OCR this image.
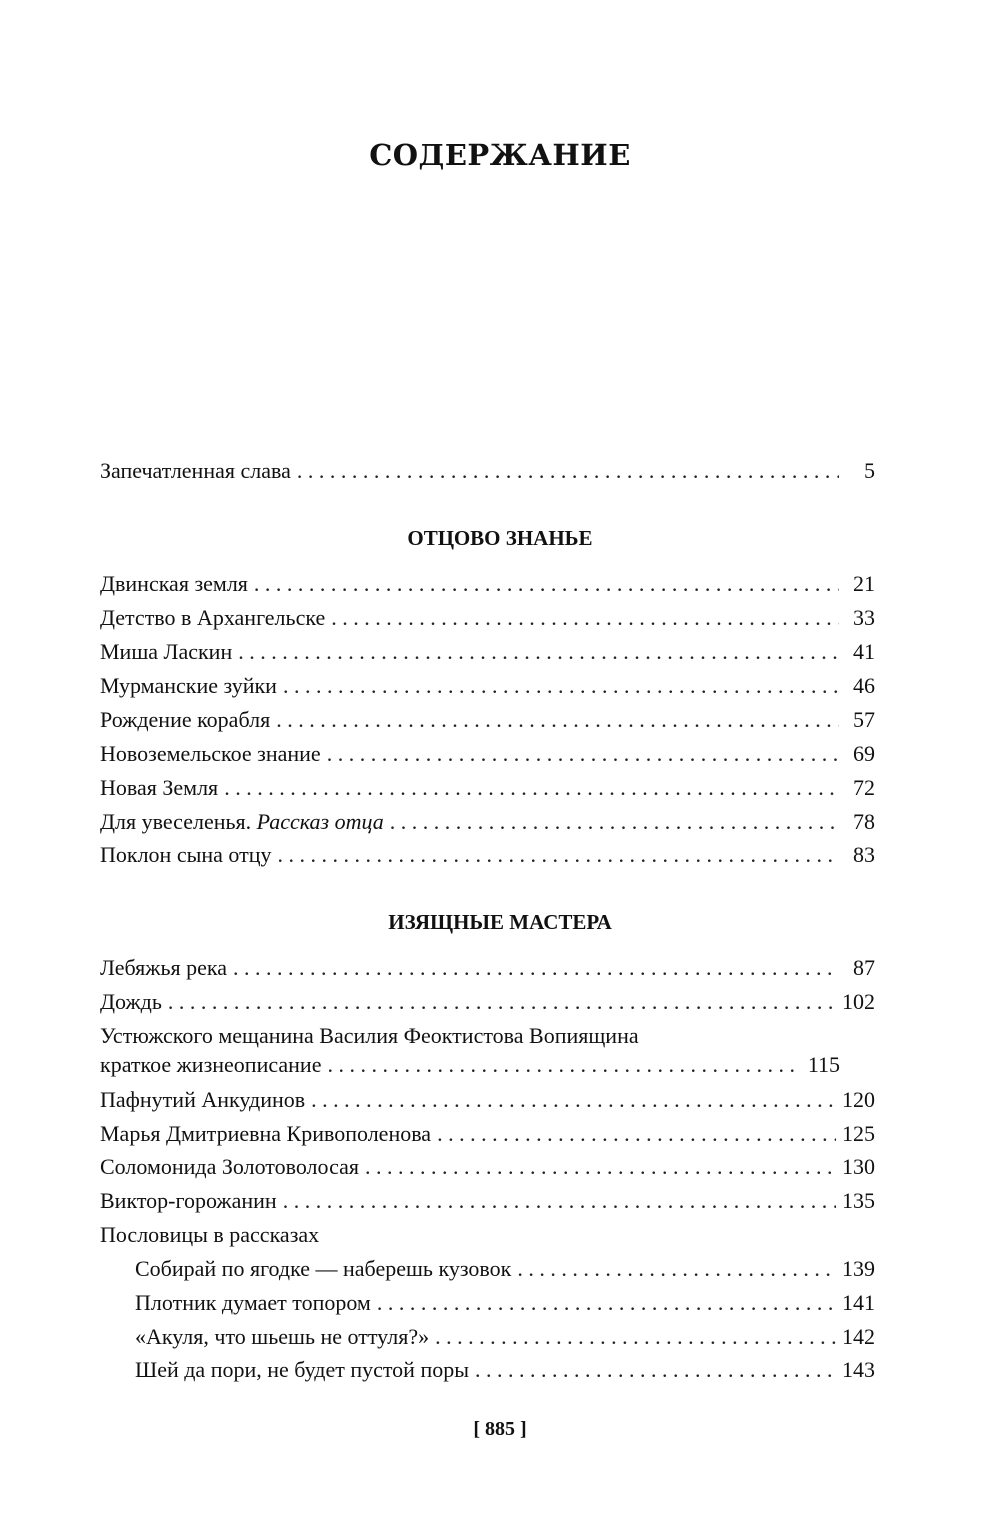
СОДЕРЖАНИЕ
Запечатленная слава . . .	5
Двинская земля . . .	21
Детство в Архангельске . . .	33
Миша Ласкин . . .	41
Мурманские зуйки . . .	46
Рождение корабля . . .	57
Новоземельское знание . . .	69
Новая Земля . . .	72
Для увеселенья. Рассказ отца . . .	78
Поклон сына отцу . . .	83
Лебяжья река . . .	87
Дождь . . .	102
Устюжского мещанина Василия Феоктистова Вопиящина
краткое жизнеописание . . .	115
Пафнутий Анкудинов . . .	120
Марья Дмитриевна Кривополенова . . .	125
Соломонида Золотоволосая . . .	130
Виктор-горожанин . . .	135
Пословицы в рассказах
Собирай по ягодке — наберешь кузовок . . .	139
Плотник думает топором . . .	141
«Акуля, что шьешь не оттуля?» . . .	142
Шей да пори, не будет пустой поры . . .	143
ОТЦОВО ЗНАНЬЕ
ИЗЯЩНЫЕ МАСТЕРА
[ 885 ]
